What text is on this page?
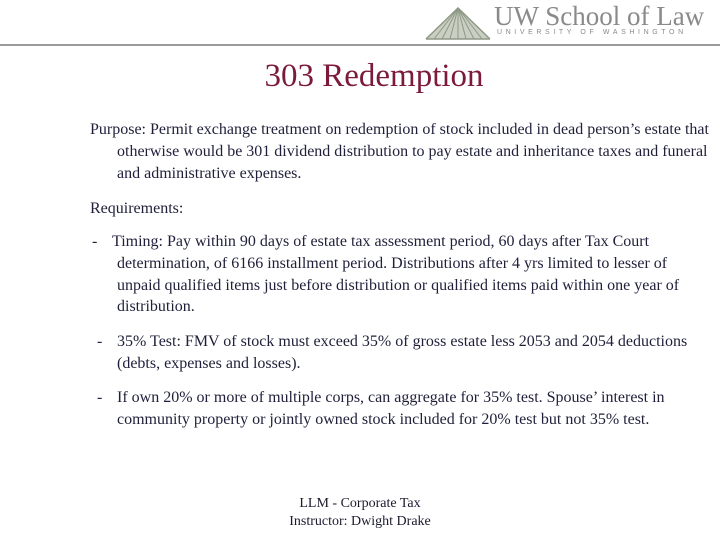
UW School of Law
UNIVERSITY OF WASHINGTON
303 Redemption

Purpose: Permit exchange treatment on redemption of stock included in dead person’s estate that otherwise would be 301 dividend distribution to pay estate and inheritance taxes and funeral and administrative expenses.

Requirements:

- Timing: Pay within 90 days of estate tax assessment period, 60 days after Tax Court determination, of 6166 installment period. Distributions after 4 yrs limited to lesser of unpaid qualified items just before distribution or qualified items paid within one year of distribution.

- 35% Test: FMV of stock must exceed 35% of gross estate less 2053 and 2054 deductions (debts, expenses and losses).

- If own 20% or more of multiple corps, can aggregate for 35% test. Spouse’ interest in community property or jointly owned stock included for 20% test but not 35% test.

LLM - Corporate Tax
Instructor: Dwight Drake
